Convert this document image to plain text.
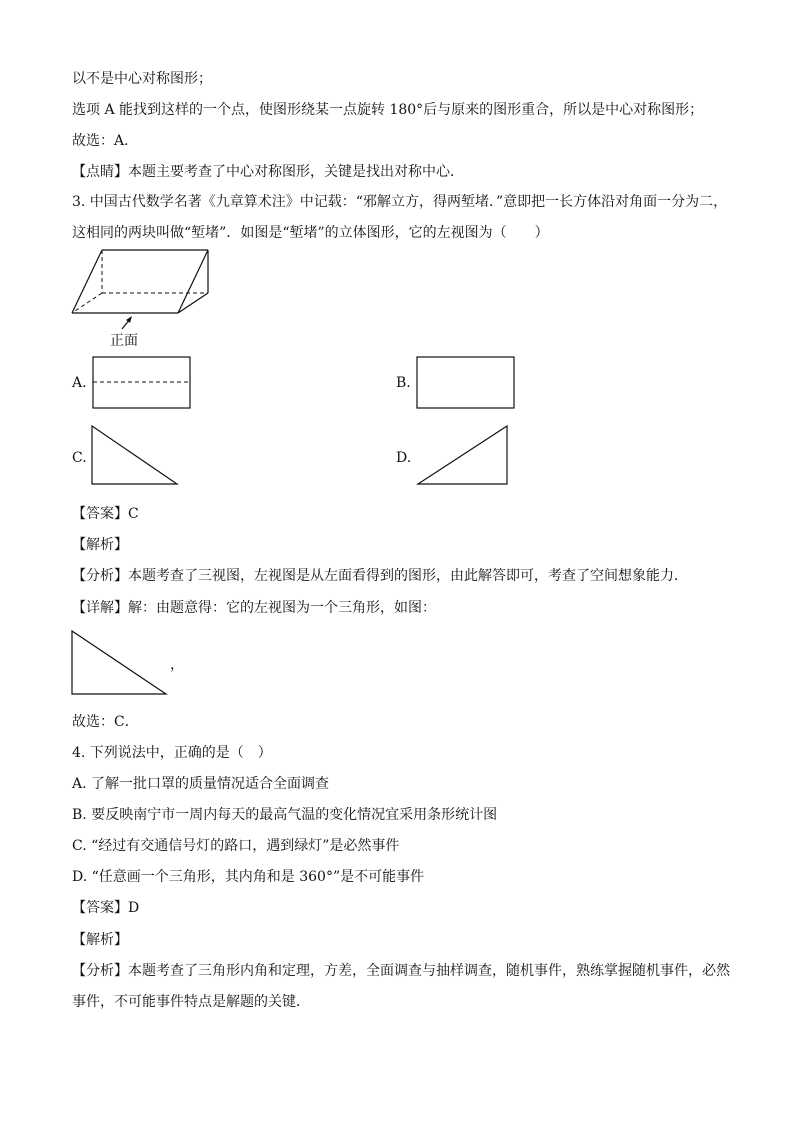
以不是中心对称图形；
选项 A 能找到这样的一个点，使图形绕某一点旋转 180°后与原来的图形重合，所以是中心对称图形；
故选：A．
【点睛】本题主要考查了中心对称图形，关键是找出对称中心．
3. 中国古代数学名著《九章算术注》中记载：“邪解立方，得两堑堵．”意即把一长方体沿对角面一分为二，这相同的两块叫做“堑堵”．如图是“堑堵”的立体图形，它的左视图为（　　）
正面
A.	B.
C.	D.
【答案】C
【解析】
【分析】本题考查了三视图，左视图是从左面看得到的图形，由此解答即可，考查了空间想象能力．
【详解】解：由题意得：它的左视图为一个三角形，如图：
，
故选：C．
4. 下列说法中，正确的是（　）
A. 了解一批口罩的质量情况适合全面调查
B. 要反映南宁市一周内每天的最高气温的变化情况宜采用条形统计图
C. “经过有交通信号灯的路口，遇到绿灯”是必然事件
D. “任意画一个三角形，其内角和是 360°”是不可能事件
【答案】D
【解析】
【分析】本题考查了三角形内角和定理，方差，全面调查与抽样调查，随机事件，熟练掌握随机事件，必然事件，不可能事件特点是解题的关键．
